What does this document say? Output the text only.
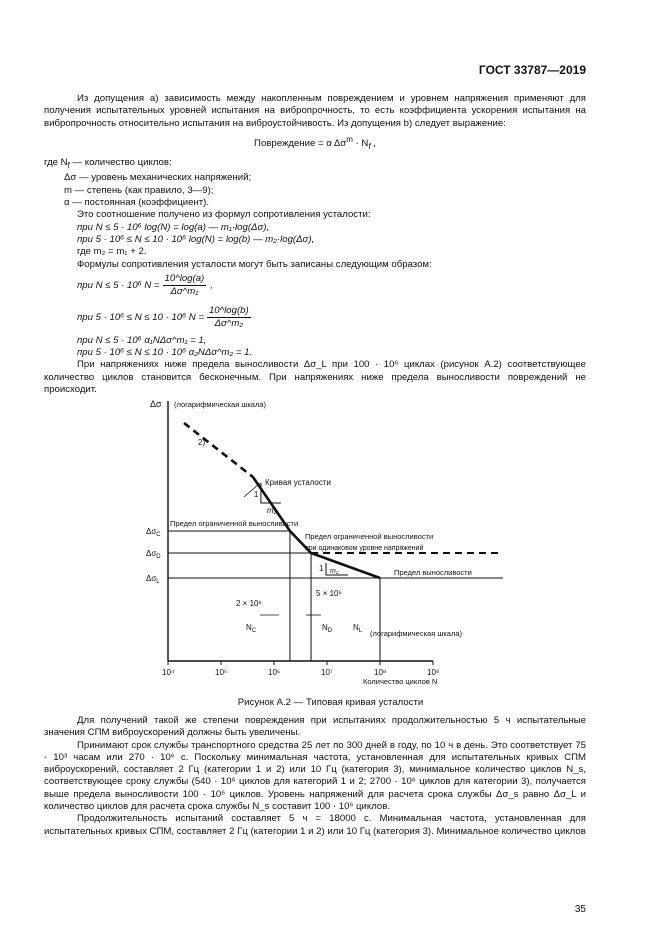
ГОСТ 33787—2019

Из допущения а) зависимость между накопленным повреждением и уровнем напряжения применяют для получения испытательных уровней испытания на вибропрочность, то есть коэффициента ускорения испытания на вибропрочность относительно испытания на виброустойчивость. Из допущения b) следует выражение:

Повреждение = α $\Delta\sigma^m \cdot N_f$ ,

где $N_f$ — количество циклов;

Δσ — уровень механических напряжений;

m — степень (как правило, 3—9);

α — постоянная (коэффициент).

Это соотношение получено из формул сопротивления усталости:

при N ≤ 5 · 10⁶ log(N) = log(a) — m₁·log(Δσ),

при 5 · 10⁶ ≤ N ≤ 10 · 10⁶ log(N) = log(b) — m₂·log(Δσ),

где m₂ = m₁ + 2.

Формулы сопротивления усталости могут быть записаны следующим образом:

при N ≤ 5 · 10⁶ $N = \frac{10\^{}\log(a)}{\text{Δσ\textasciicircum{}m₁}}$ ,
при 5 · 10⁶ ≤ N ≤ 10 · 10⁶ $N = \frac{10\^{}\log(b)}{\text{Δσ\textasciicircum{}m₂}}$

при N ≤ 5 · 10⁶ α₁NΔσ^m₁ = 1,

при 5 · 10⁶ ≤ N ≤ 10 · 10⁶ α₂NΔσ^m₂ = 1.

При напряжениях ниже предела выносливости Δσ_L при 100 · 10⁶ циклах (рисунок А.2) соответствующее количество циклов становится бесконечным. При напряжениях ниже предела выносливости повреждений не происходит.

10⁴	10⁵	10⁶	10⁷	10⁸	10⁹
Δσ (логарифмическая шкала)
$\Delta\sigma_C$
$\Delta\sigma_D$
$\Delta\sigma_L$
1
m₁
1 m₂
Кривая усталости
2)
Предел ограниченной выносливости
Предел ограниченной выносливости
при одинаковом уровне напряжений
Предел выносливости
2 × 10⁶
$N_C$
5 × 10⁶
$N_D$	$N_L$ (логарифмическая шкала)
Количество циклов N
Рисунок А.2 — Типовая кривая усталости

Для получений такой же степени повреждения при испытаниях продолжительностью 5 ч испытательные значения СПМ виброускорений должны быть увеличены.

Принимают срок службы транспортного средства 25 лет по 300 дней в году, по 10 ч в день. Это соответствует 75 · 10³ часам или 270 · 10⁶ с. Поскольку минимальная частота, установленная для испытательных кривых СПМ виброускорений, составляет 2 Гц (категории 1 и 2) или 10 Гц (категория 3), минимальное количество циклов N_s, соответствующее сроку службы (540 · 10⁶ циклов для категорий 1 и 2; 2700 · 10⁶ циклов для категории 3), получается выше предела выносливости 100 · 10⁶ циклов. Уровень напряжений для расчета срока службы Δσ_s равно Δσ_L и количество циклов для расчета срока службы N_s составит 100 · 10⁶ циклов.

Продолжительность испытаний составляет 5 ч = 18000 с. Минимальная частота, установленная для испытательных кривых СПМ, составляет 2 Гц (категории 1 и 2) или 10 Гц (категория 3). Минимальное количество циклов

35
